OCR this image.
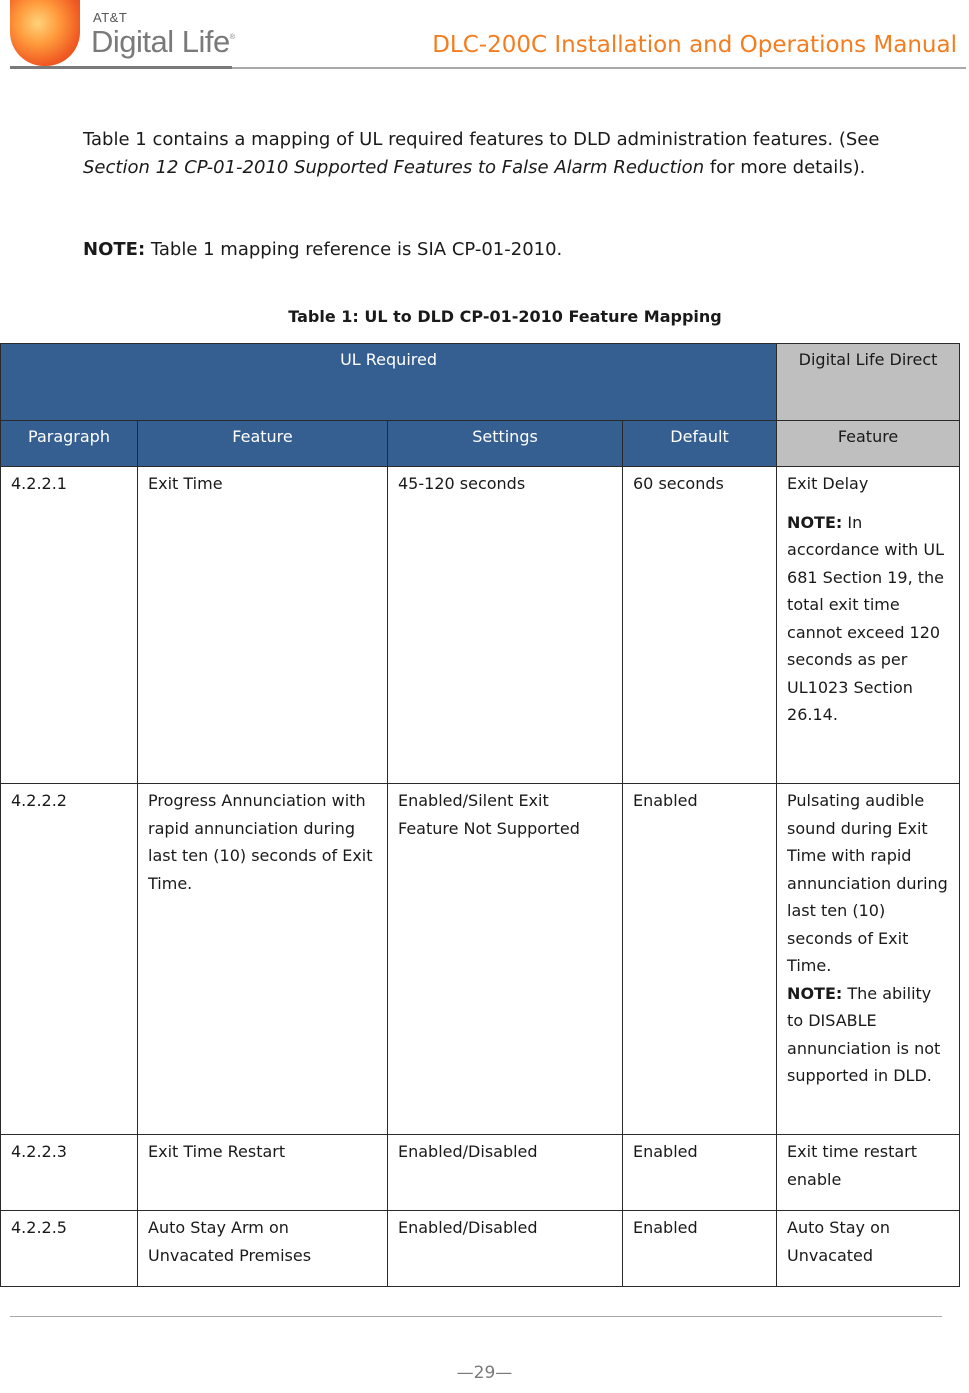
AT&T
Digital Life®	DLC-200C Installation and Operations Manual

Table 1 contains a mapping of UL required features to DLD administration features. (See Section 12 CP-01-2010 Supported Features to False Alarm Reduction for more details).

NOTE: Table 1 mapping reference is SIA CP-01-2010.
Table 1: UL to DLD CP-01-2010 Feature Mapping
UL Required				Digital Life Direct

Paragraph	Feature	Settings	Default	Feature

4.2.2.1	Exit Time	45-120 seconds	60 seconds	Exit Delay

NOTE: In accordance with UL 681 Section 19, the total exit time cannot exceed 120 seconds as per UL1023 Section 26.14.

4.2.2.2	Progress Annunciation with rapid annunciation during last ten (10) seconds of Exit Time.	Enabled/Silent Exit Feature Not Supported	Enabled	Pulsating audible sound during Exit Time with rapid annunciation during last ten (10) seconds of Exit Time.
NOTE: The ability to DISABLE annunciation is not supported in DLD.

4.2.2.3	Exit Time Restart	Enabled/Disabled	Enabled	Exit time restart enable

4.2.2.5	Auto Stay Arm on Unvacated Premises	Enabled/Disabled	Enabled	Auto Stay on Unvacated
—29—
